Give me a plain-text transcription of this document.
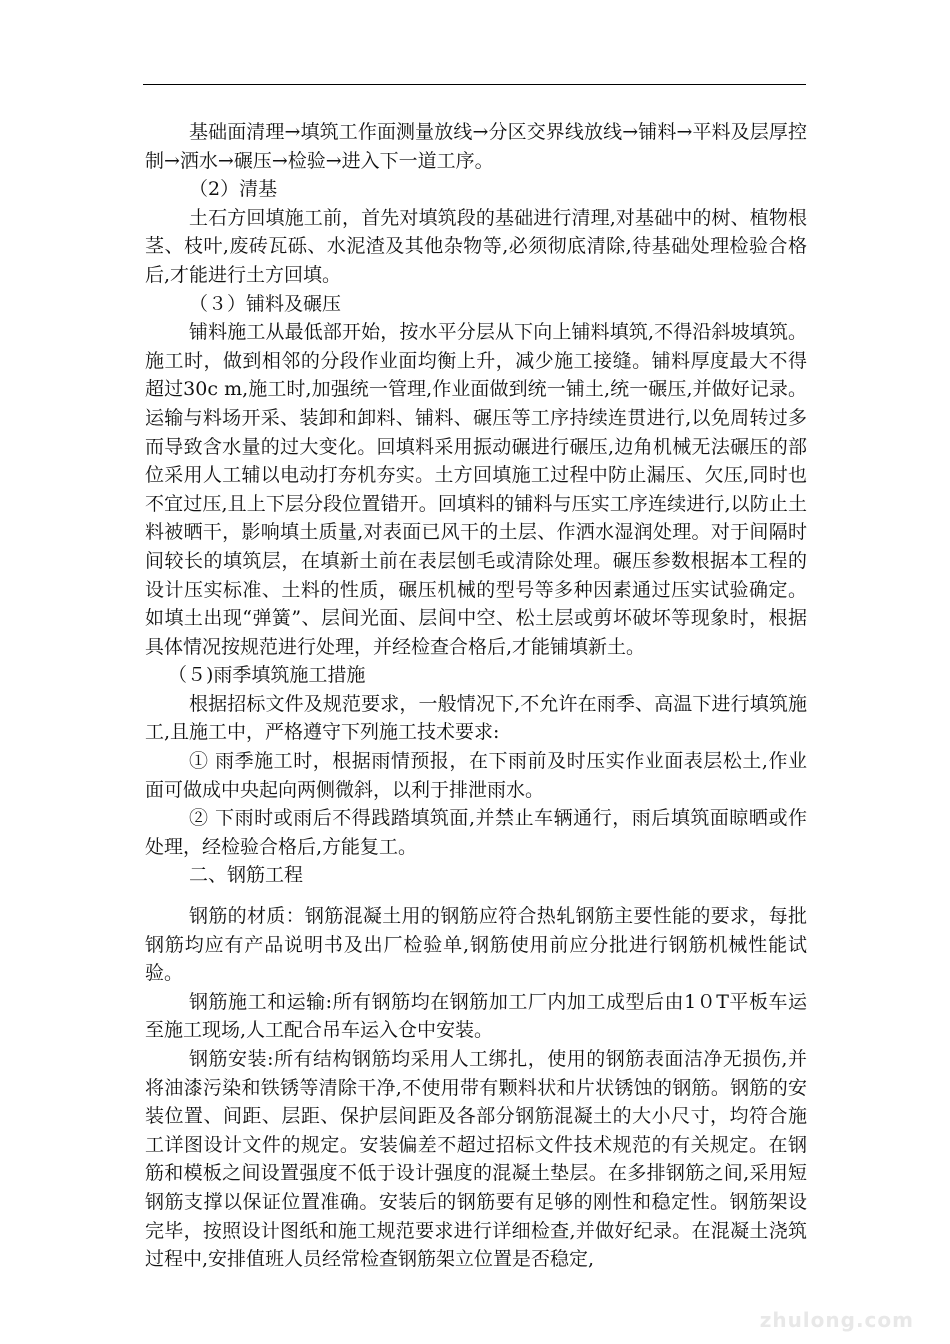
基础面清理→填筑工作面测量放线→分区交界线放线→铺料→平料及层厚控制→洒水→碾压→检验→进入下一道工序。

（2）清基

土石方回填施工前，首先对填筑段的基础进行清理,对基础中的树、植物根茎、枝叶,废砖瓦砾、水泥渣及其他杂物等,必须彻底清除,待基础处理检验合格后,才能进行土方回填。

（３）铺料及碾压

铺料施工从最低部开始，按水平分层从下向上铺料填筑,不得沿斜坡填筑。施工时，做到相邻的分段作业面均衡上升，减少施工接缝。铺料厚度最大不得超过30c m,施工时,加强统一管理,作业面做到统一铺土,统一碾压,并做好记录。运输与料场开采、装卸和卸料、铺料、碾压等工序持续连贯进行,以免周转过多而导致含水量的过大变化。回填料采用振动碾进行碾压,边角机械无法碾压的部位采用人工辅以电动打夯机夯实。土方回填施工过程中防止漏压、欠压,同时也不宜过压,且上下层分段位置错开。回填料的铺料与压实工序连续进行,以防止土料被晒干，影响填土质量,对表面已风干的土层、作洒水湿润处理。对于间隔时间较长的填筑层，在填新土前在表层刨毛或清除处理。碾压参数根据本工程的设计压实标准、土料的性质，碾压机械的型号等多种因素通过压实试验确定。如填土出现“弹簧”、层间光面、层间中空、松土层或剪坏破坏等现象时，根据具体情况按规范进行处理，并经检查合格后,才能铺填新土。

（５)雨季填筑施工措施

根据招标文件及规范要求，一般情况下,不允许在雨季、高温下进行填筑施工,且施工中，严格遵守下列施工技术要求:

① 雨季施工时，根据雨情预报，在下雨前及时压实作业面表层松土,作业面可做成中央起向两侧微斜，以利于排泄雨水。

② 下雨时或雨后不得践踏填筑面,并禁止车辆通行，雨后填筑面晾晒或作处理，经检验合格后,方能复工。

二、钢筋工程

钢筋的材质：钢筋混凝土用的钢筋应符合热轧钢筋主要性能的要求，每批钢筋均应有产品说明书及出厂检验单,钢筋使用前应分批进行钢筋机械性能试验。

钢筋施工和运输:所有钢筋均在钢筋加工厂内加工成型后由1０T平板车运至施工现场,人工配合吊车运入仓中安装。

钢筋安装:所有结构钢筋均采用人工绑扎，使用的钢筋表面洁净无损伤,并将油漆污染和铁锈等清除干净,不使用带有颗料状和片状锈蚀的钢筋。钢筋的安装位置、间距、层距、保护层间距及各部分钢筋混凝土的大小尺寸，均符合施工详图设计文件的规定。安装偏差不超过招标文件技术规范的有关规定。在钢筋和模板之间设置强度不低于设计强度的混凝土垫层。在多排钢筋之间,采用短钢筋支撑以保证位置准确。安装后的钢筋要有足够的刚性和稳定性。钢筋架设完毕，按照设计图纸和施工规范要求进行详细检查,并做好纪录。在混凝土浇筑过程中,安排值班人员经常检查钢筋架立位置是否稳定,

zhulong.com
